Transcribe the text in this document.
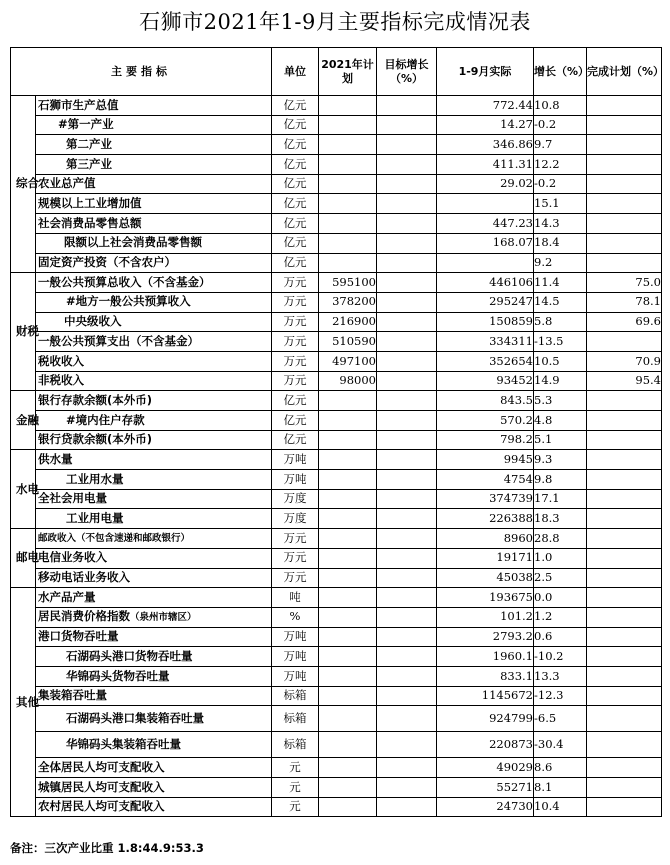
石狮市2021年1-9月主要指标完成情况表
主要指标		单位	2021年计划	目标增长（%）	1-9月实际	增长（%）	完成计划（%）
综合	石狮市生产总值	亿元			772.44	10.8	
	#第一产业	亿元			14.27	-0.2	
	第二产业	亿元			346.86	9.7	
	第三产业	亿元			411.31	12.2	
	农业总产值	亿元			29.02	-0.2	
	规模以上工业增加值	亿元				15.1	
	社会消费品零售总额	亿元			447.23	14.3	
	限额以上社会消费品零售额	亿元			168.07	18.4	
	固定资产投资（不含农户）	亿元				9.2	
财税	一般公共预算总收入（不含基金）	万元	595100		446106	11.4	75.0
	#地方一般公共预算收入	万元	378200		295247	14.5	78.1
	中央级收入	万元	216900		150859	5.8	69.6
	一般公共预算支出（不含基金）	万元	510590		334311	-13.5	
	税收收入	万元	497100		352654	10.5	70.9
	非税收入	万元	98000		93452	14.9	95.4
金融	银行存款余额(本外币)	亿元			843.5	5.3	
	#境内住户存款	亿元			570.2	4.8	
	银行贷款余额(本外币)	亿元			798.2	5.1	
水电	供水量	万吨			9945	9.3	
	工业用水量	万吨			4754	9.8	
	全社会用电量	万度			374739	17.1	
	工业用电量	万度			226388	18.3	
邮电	邮政收入（不包含速递和邮政银行）	万元			8960	28.8	
	电信业务收入	万元			19171	1.0	
	移动电话业务收入	万元			45038	2.5	
其他	水产品产量	吨			193675	0.0	
	居民消费价格指数（泉州市辖区）	%			101.2	1.2	
	港口货物吞吐量	万吨			2793.2	0.6	
	石湖码头港口货物吞吐量	万吨			1960.1	-10.2	
	华锦码头货物吞吐量	万吨			833.1	13.3	
	集装箱吞吐量	标箱			1145672	-12.3	
	石湖码头港口集装箱吞吐量	标箱			924799	-6.5	
	华锦码头集装箱吞吐量	标箱			220873	-30.4	
	全体居民人均可支配收入	元			49029	8.6	
	城镇居民人均可支配收入	元			55271	8.1	
	农村居民人均可支配收入	元			24730	10.4	
备注：三次产业比重 1.8:44.9:53.3
